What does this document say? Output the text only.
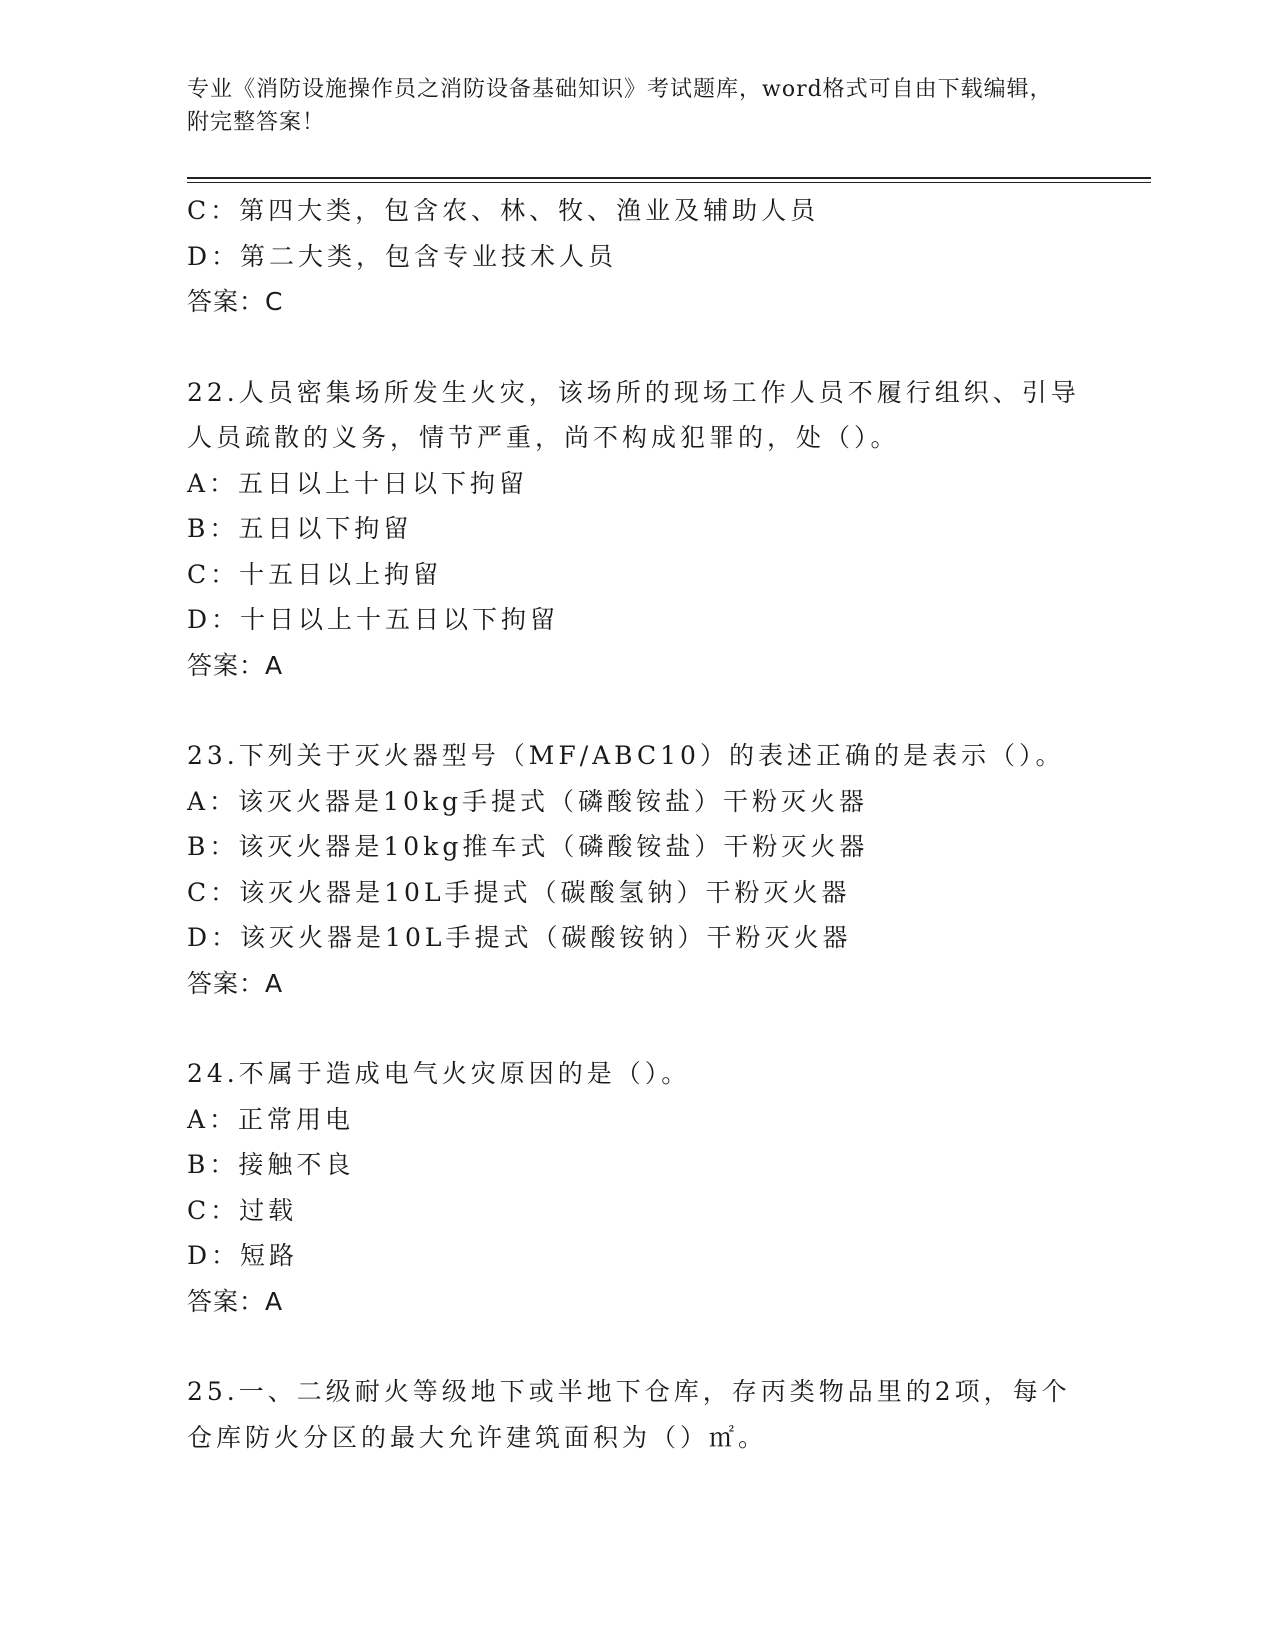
专业《消防设施操作员之消防设备基础知识》考试题库，word格式可自由下载编辑，附完整答案！
C：第四大类，包含农、林、牧、渔业及辅助人员
D：第二大类，包含专业技术人员
答案：C
22.人员密集场所发生火灾，该场所的现场工作人员不履行组织、引导
人员疏散的义务，情节严重，尚不构成犯罪的，处（）。
A：五日以上十日以下拘留
B：五日以下拘留
C：十五日以上拘留
D：十日以上十五日以下拘留
答案：A
23.下列关于灭火器型号（MF/ABC10）的表述正确的是表示（）。
A：该灭火器是10kg手提式（磷酸铵盐）干粉灭火器
B：该灭火器是10kg推车式（磷酸铵盐）干粉灭火器
C：该灭火器是10L手提式（碳酸氢钠）干粉灭火器
D：该灭火器是10L手提式（碳酸铵钠）干粉灭火器
答案：A
24.不属于造成电气火灾原因的是（）。
A：正常用电
B：接触不良
C：过载
D：短路
答案：A
25.一、二级耐火等级地下或半地下仓库，存丙类物品里的2项，每个
仓库防火分区的最大允许建筑面积为（）㎡。
